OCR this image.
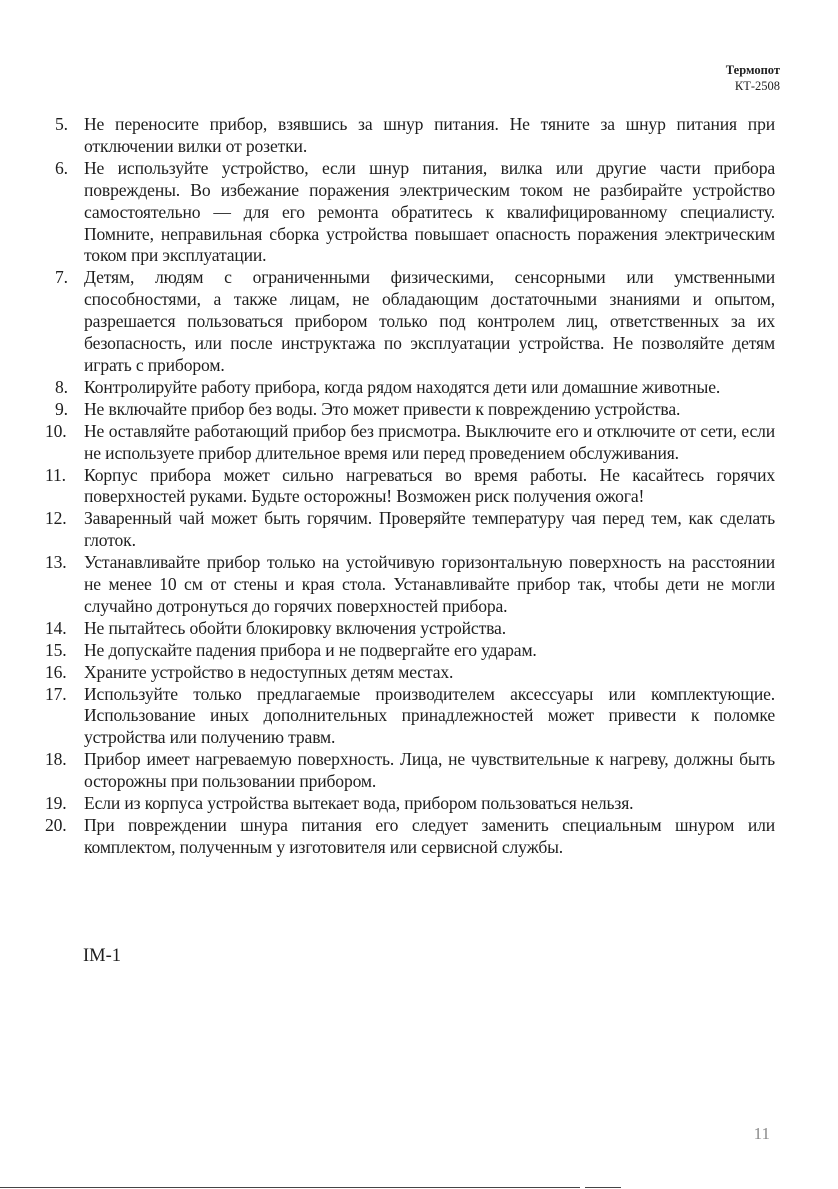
Термопот
КТ-2508
5. Не переносите прибор, взявшись за шнур питания. Не тяните за шнур питания при отключении вилки от розетки.
6. Не используйте устройство, если шнур питания, вилка или другие части прибора повреждены. Во избежание поражения электрическим током не разбирайте устройство самостоятельно — для его ремонта обратитесь к квалифицированному специалисту. Помните, неправильная сборка устройства повышает опасность поражения электрическим током при эксплуатации.
7. Детям, людям с ограниченными физическими, сенсорными или умственными способностями, а также лицам, не обладающим достаточными знаниями и опытом, разрешается пользоваться прибором только под контролем лиц, ответственных за их безопасность, или после инструктажа по эксплуатации устройства. Не позволяйте детям играть с прибором.
8. Контролируйте работу прибора, когда рядом находятся дети или домашние животные.
9. Не включайте прибор без воды. Это может привести к повреждению устройства.
10. Не оставляйте работающий прибор без присмотра. Выключите его и отключите от сети, если не используете прибор длительное время или перед проведением обслуживания.
11.	Корпус прибора может сильно нагреваться во время работы. Не касайтесь горячих поверхностей руками. Будьте осторожны! Возможен риск получения ожога!
12. Заваренный чай может быть горячим. Проверяйте температуру чая перед тем, как сделать глоток.
13. Устанавливайте прибор только на устойчивую горизонтальную поверхность на расстоянии не менее 10 см от стены и края стола. Устанавливайте прибор так, чтобы дети не могли случайно дотронуться до горячих поверхностей прибора.
14. Не пытайтесь обойти блокировку включения устройства.
15. Не допускайте падения прибора и не подвергайте его ударам.
16. Храните устройство в недоступных детям местах.
17. Используйте только предлагаемые производителем аксессуары или комплектующие. Использование иных дополнительных принадлежностей может привести к поломке устройства или получению травм.
18. Прибор имеет нагреваемую поверхность. Лица, не чувствительные к нагреву, должны быть осторожны при пользовании прибором.
19. Если из корпуса устройства вытекает вода, прибором пользоваться нельзя.
20. При повреждении шнура питания его следует заменить специальным шнуром или комплектом, полученным у изготовителя или сервисной службы.
IM-1
11
